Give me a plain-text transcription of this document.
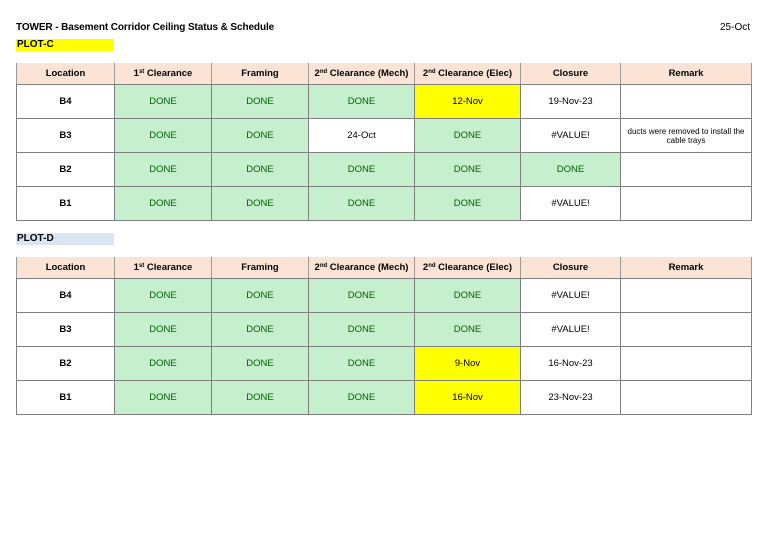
TOWER - Basement Corridor Ceiling Status & Schedule	25-Oct
PLOT-C
Location	1st Clearance	Framing	2nd Clearance (Mech)	2nd Clearance (Elec)	Closure	Remark
B4	DONE	DONE	DONE	12-Nov	19-Nov-23	
B3	DONE	DONE	24-Oct	DONE	#VALUE!	ducts were removed to install the cable trays
B2	DONE	DONE	DONE	DONE	DONE	
B1	DONE	DONE	DONE	DONE	#VALUE!	
PLOT-D
Location	1st Clearance	Framing	2nd Clearance (Mech)	2nd Clearance (Elec)	Closure	Remark
B4	DONE	DONE	DONE	DONE	#VALUE!	
B3	DONE	DONE	DONE	DONE	#VALUE!	
B2	DONE	DONE	DONE	9-Nov	16-Nov-23	
B1	DONE	DONE	DONE	16-Nov	23-Nov-23	
